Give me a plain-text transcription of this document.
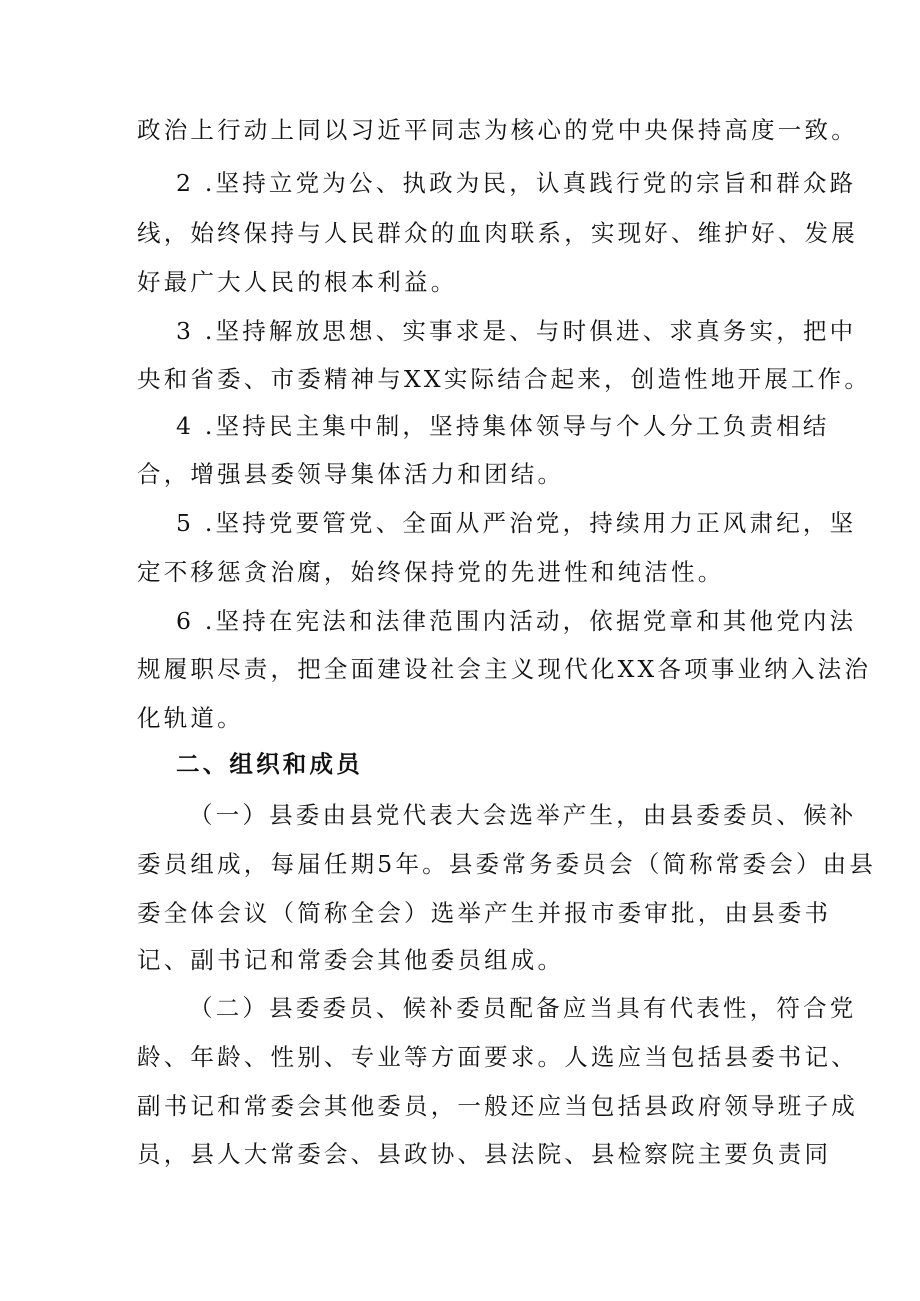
政治上行动上同以习近平同志为核心的党中央保持高度一致。
2 .坚持立党为公、执政为民，认真践行党的宗旨和群众路
线，始终保持与人民群众的血肉联系，实现好、维护好、发展
好最广大人民的根本利益。
3 .坚持解放思想、实事求是、与时俱进、求真务实，把中
央和省委、市委精神与XX实际结合起来，创造性地开展工作。
4 .坚持民主集中制，坚持集体领导与个人分工负责相结
合，增强县委领导集体活力和团结。
5 .坚持党要管党、全面从严治党，持续用力正风肃纪，坚
定不移惩贪治腐，始终保持党的先进性和纯洁性。
6 .坚持在宪法和法律范围内活动，依据党章和其他党内法
规履职尽责，把全面建设社会主义现代化XX各项事业纳入法治
化轨道。
二、组织和成员
（一）县委由县党代表大会选举产生，由县委委员、候补
委员组成，每届任期5年。县委常务委员会（简称常委会）由县
委全体会议（简称全会）选举产生并报市委审批，由县委书
记、副书记和常委会其他委员组成。
（二）县委委员、候补委员配备应当具有代表性，符合党
龄、年龄、性别、专业等方面要求。人选应当包括县委书记、
副书记和常委会其他委员，一般还应当包括县政府领导班子成
员，县人大常委会、县政协、县法院、县检察院主要负责同
